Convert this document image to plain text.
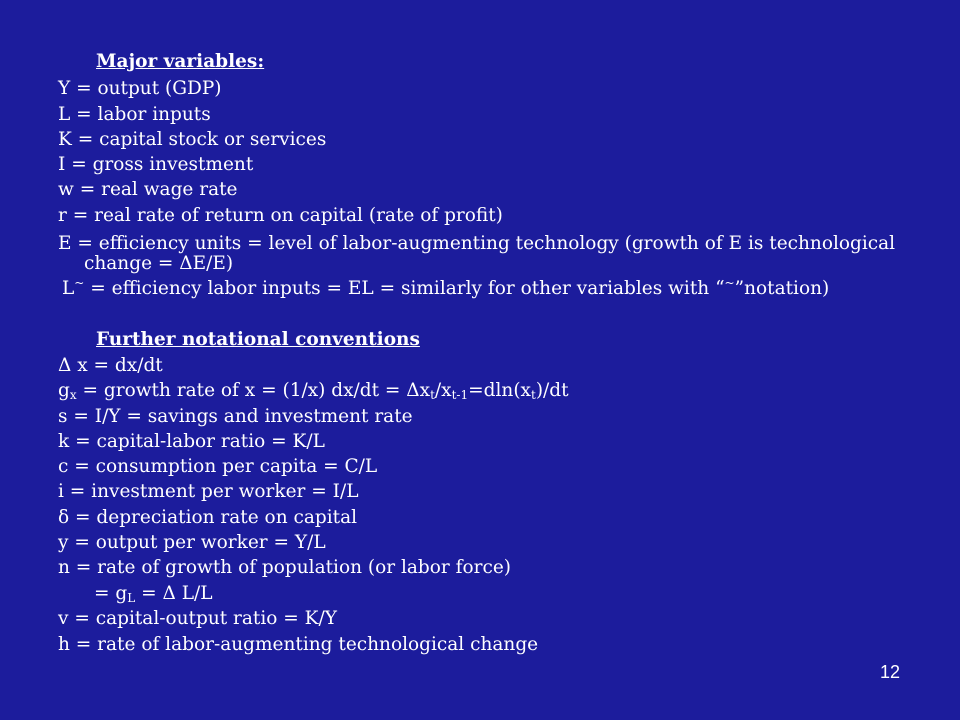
Major variables:
Y = output (GDP)
L = labor inputs
K = capital stock or services
I = gross investment
w = real wage rate
r = real rate of return on capital (rate of profit)
E = efficiency units = level of labor-augmenting technology (growth of E is technological
change = ΔE/E)
L~ = efficiency labor inputs = EL = similarly for other variables with “~”notation)
Further notational conventions
Δ x = dx/dt
$g_x$ = growth rate of x = (1/x) $dx/dt = \Delta x_t/x_{t-1}=dln(x_t)/dt$
s = I/Y = savings and investment rate
k = capital-labor ratio = K/L
c = consumption per capita = C/L
i = investment per worker = I/L
δ = depreciation rate on capital
y = output per worker = Y/L
n = rate of growth of population (or labor force)
= $g_L = \Delta$ L/L
v = capital-output ratio = K/Y
h = rate of labor-augmenting technological change
12
